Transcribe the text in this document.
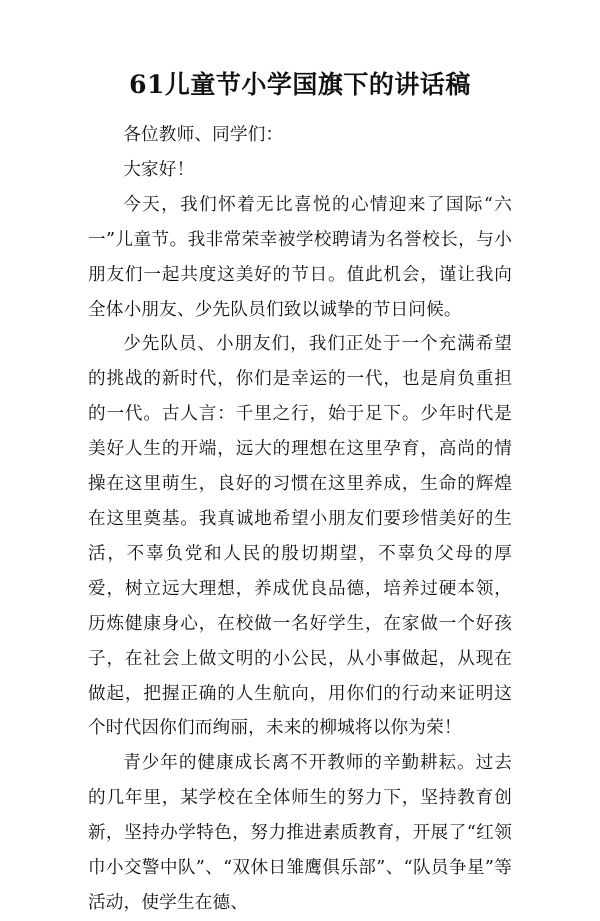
61儿童节小学国旗下的讲话稿

各位教师、同学们：

大家好！

今天，我们怀着无比喜悦的心情迎来了国际“六一”儿童节。我非常荣幸被学校聘请为名誉校长，与小朋友们一起共度这美好的节日。值此机会，谨让我向全体小朋友、少先队员们致以诚挚的节日问候。

少先队员、小朋友们，我们正处于一个充满希望的挑战的新时代，你们是幸运的一代，也是肩负重担的一代。古人言：千里之行，始于足下。少年时代是美好人生的开端，远大的理想在这里孕育，高尚的情操在这里萌生，良好的习惯在这里养成，生命的辉煌在这里奠基。我真诚地希望小朋友们要珍惜美好的生活，不辜负党和人民的殷切期望，不辜负父母的厚爱，树立远大理想，养成优良品德，培养过硬本领，历炼健康身心，在校做一名好学生，在家做一个好孩子，在社会上做文明的小公民，从小事做起，从现在做起，把握正确的人生航向，用你们的行动来证明这个时代因你们而绚丽，未来的柳城将以你为荣！

青少年的健康成长离不开教师的辛勤耕耘。过去的几年里，某学校在全体师生的努力下，坚持教育创新，坚持办学特色，努力推进素质教育，开展了“红领巾小交警中队”、“双休日雏鹰俱乐部”、“队员争星”等活动，使学生在德、
